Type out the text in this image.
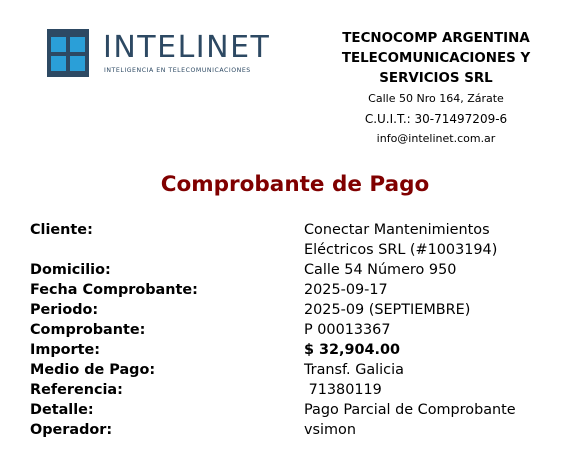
INTELINET
INTELIGENCIA EN TELECOMUNICACIONES

TECNOCOMP ARGENTINA

TELECOMUNICACIONES Y

SERVICIOS SRL

Calle 50 Nro 164, Zárate

C.U.I.T.: 30-71497209-6

info@intelinet.com.ar

Comprobante de Pago
Cliente:	Conectar Mantenimientos
Eléctricos SRL (#1003194)
Domicilio:	Calle 54 Número 950
Fecha Comprobante:	2025-09-17
Periodo:	2025-09 (SEPTIEMBRE)
Comprobante:	P 00013367
Importe:	$ 32,904.00
Medio de Pago:	Transf. Galicia
Referencia:	71380119
Detalle:	Pago Parcial de Comprobante
Operador:	vsimon
